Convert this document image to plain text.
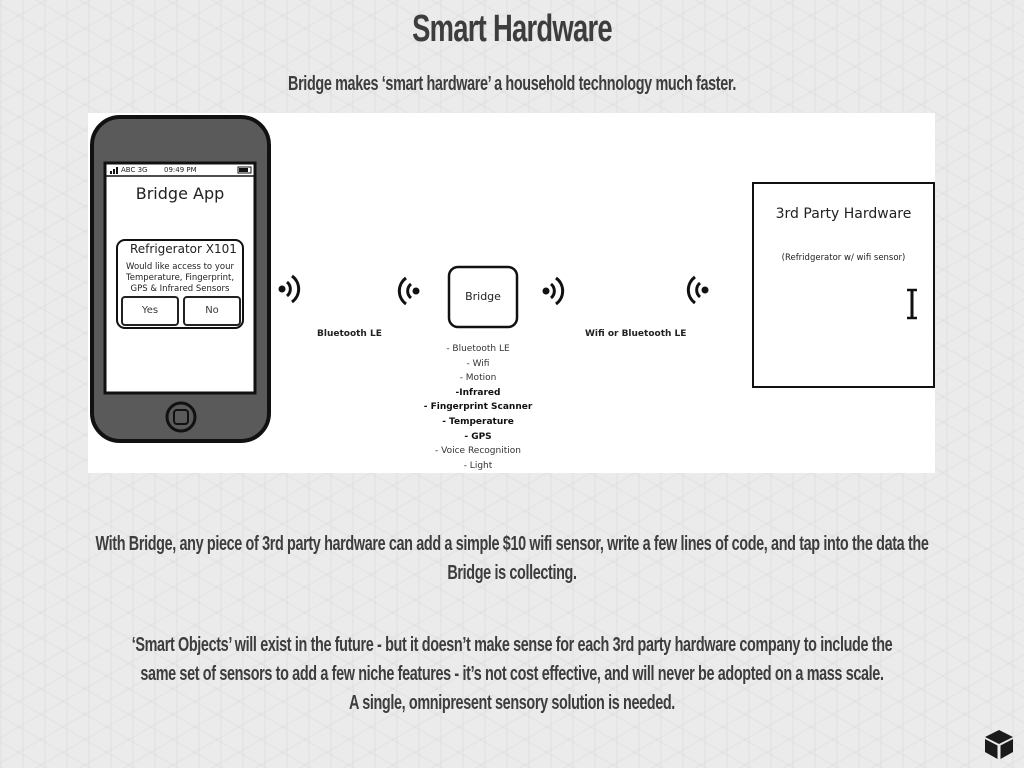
Smart Hardware
Bridge makes ‘smart hardware’ a household technology much faster.
ABC 3G 09:49 PM
Bridge App
Refrigerator X101
Would like access to your
Temperature, Fingerprint,
GPS & Infrared Sensors
Yes	No
Bluetooth LE	Wifi or Bluetooth LE
Bridge
- Bluetooth LE
- Wifi
- Motion
-Infrared
- Fingerprint Scanner
- Temperature
- GPS
- Voice Recognition
- Light
3rd Party Hardware
(Refridgerator w/ wifi sensor)
With Bridge, any piece of 3rd party hardware can add a simple $10 wifi sensor, write a few lines of code, and tap into the data the Bridge is collecting.
‘Smart Objects’ will exist in the future - but it doesn’t make sense for each 3rd party hardware company to include the
same set of sensors to add a few niche features - it’s not cost effective, and will never be adopted on a mass scale.
A single, omnipresent sensory solution is needed.
